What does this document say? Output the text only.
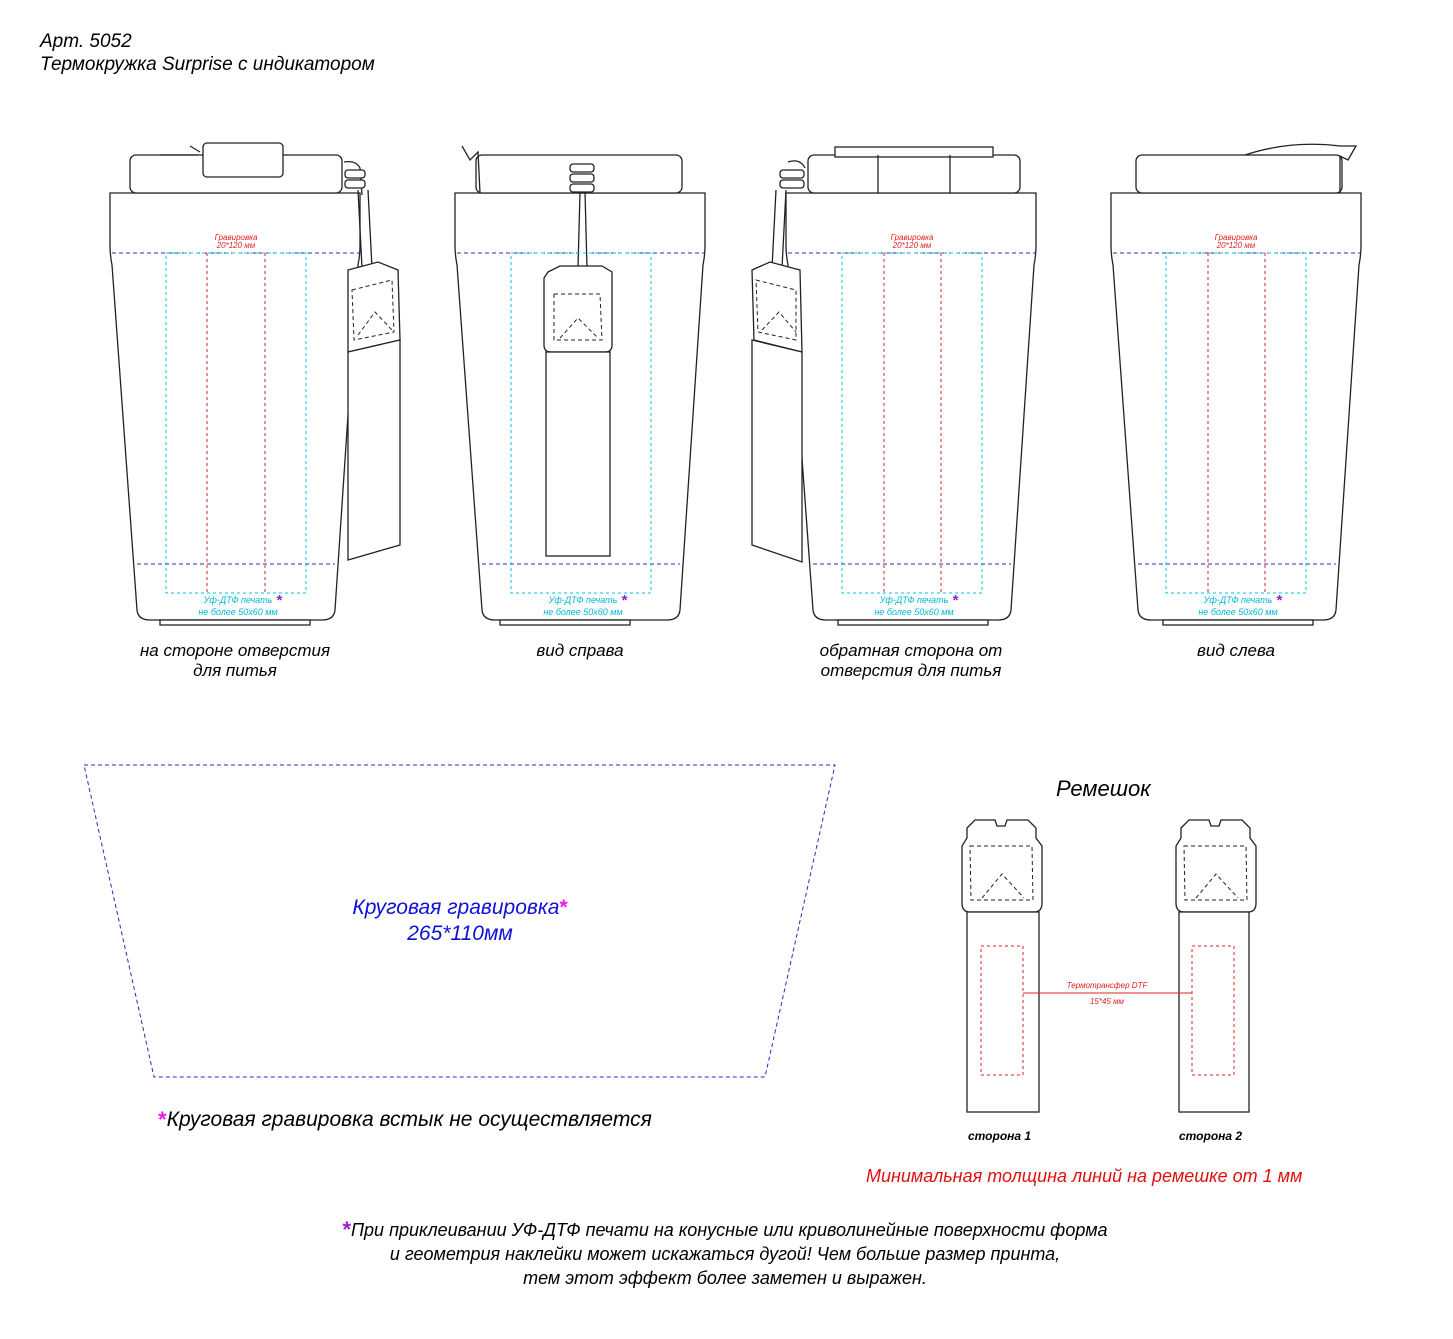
Арт. 5052
Термокружка Surprise с индикатором
Гравировка
20*120 мм
Уф-ДТФ печать *
не более 50х60 мм
Уф-ДТФ печать *
не более 50х60 мм
Гравировка
20*120 мм
Уф-ДТФ печать *
не более 50х60 мм
Гравировка
20*120 мм
Уф-ДТФ печать *
не более 50х60 мм
Термотрансфер DTF
15*45 мм
на стороне отверстия
для питья
вид справа	обратная сторона от
отверстия для питья
вид слева
Круговая гравировка*
265*110мм
*Круговая гравировка встык не осуществляется
Ремешок
сторона 1	сторона 2
Минимальная толщина линий на ремешке от 1 мм
*При приклеивании УФ-ДТФ печати на конусные или криволинейные поверхности форма
и геометрия наклейки может искажаться дугой! Чем больше размер принта,
тем этот эффект более заметен и выражен.
